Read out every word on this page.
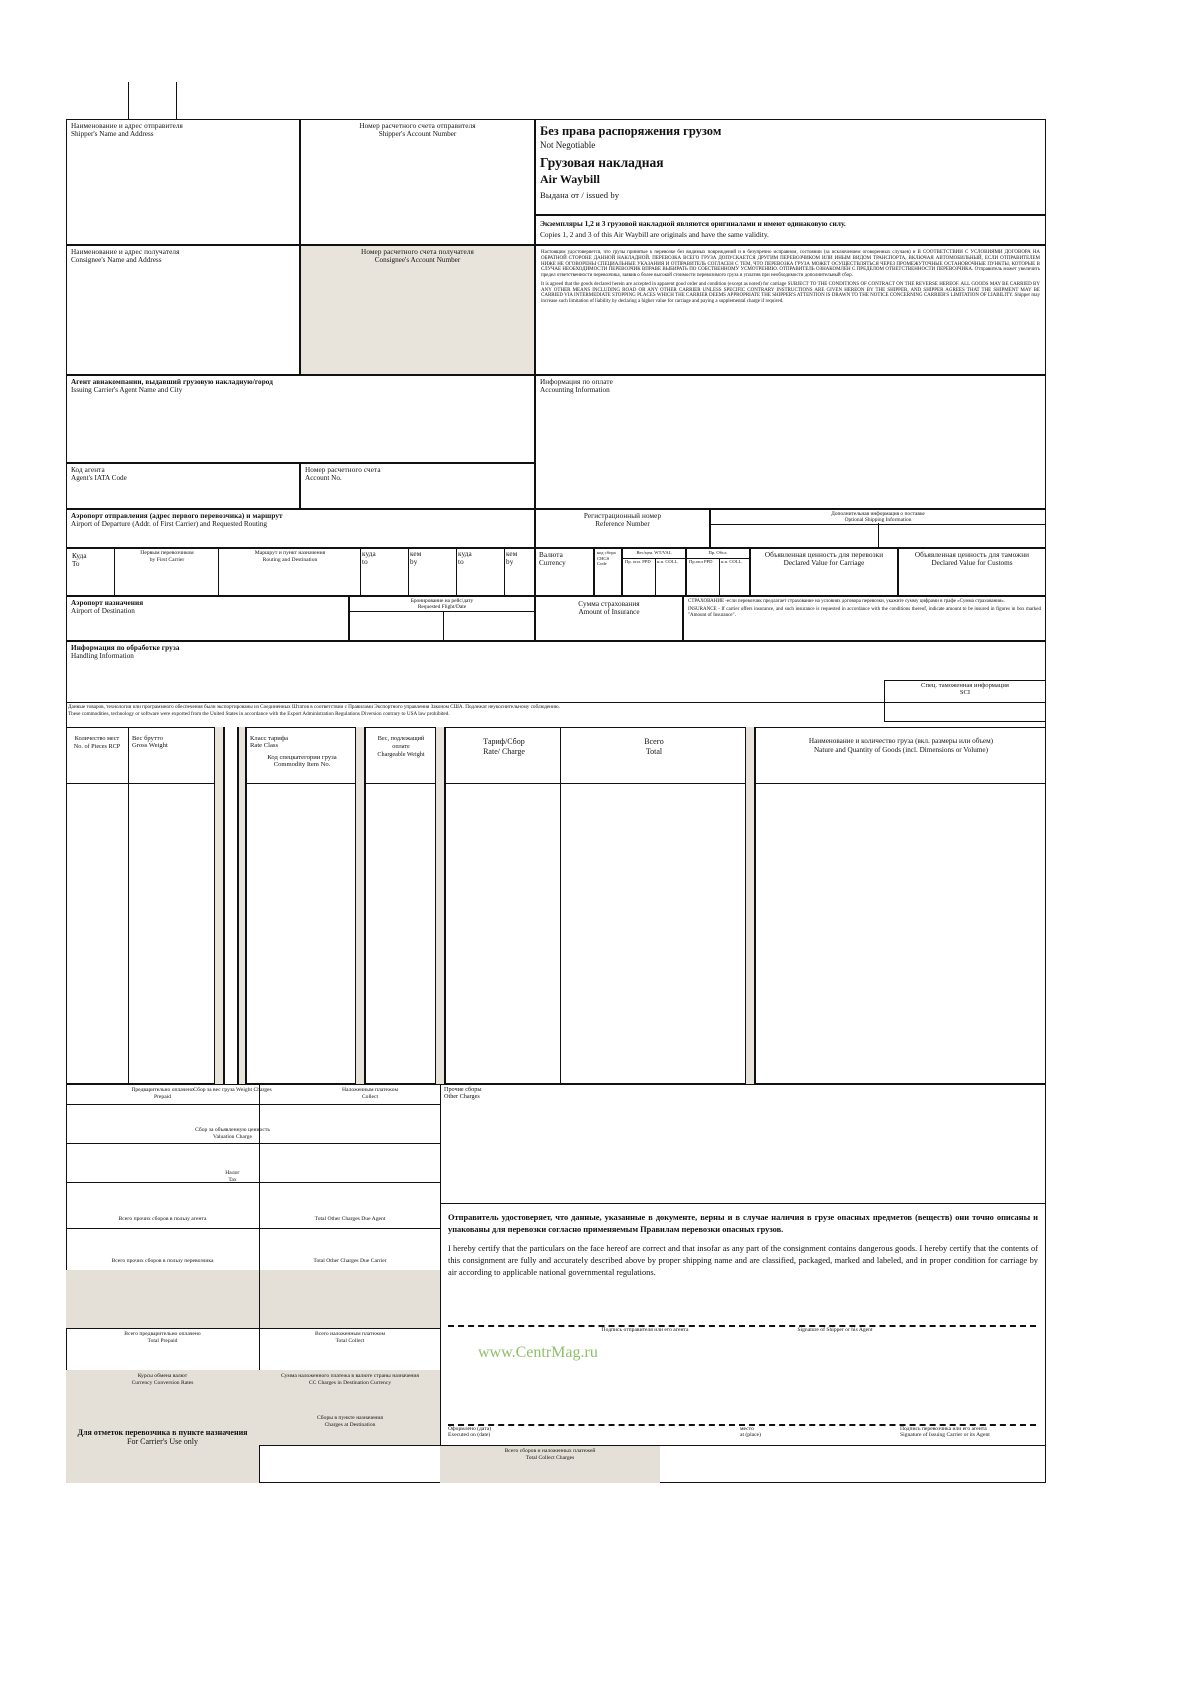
Наименование и адрес отправителя
Shipper's Name and Address
Номер расчетного счета отправителя
Shipper's Account Number	Без права распоряжения грузом
Not Negotiable
Грузовая накладная
Air Waybill
Выдана от / issued by
Экземпляры 1,2 и 3 грузовой накладной являются оригиналами и имеют одинаковую силу.
Copies 1, 2 and 3 of this Air Waybill are originals and have the same validity.
Наименование и адрес получателя
Consignee's Name and Address
Номер расчетного счета получателя
Consignee's Account Number
Настоящим удостоверяется, что грузы принятые к перевозке без видимых повреждений и в безупречно исправном, состоянии (за исключением оговоренных случаев) и В СООТВЕТСТВИИ С УСЛОВИЯМИ ДОГОВОРА НА ОБРАТНОЙ СТОРОНЕ ДАННОЙ НАКЛАДНОЙ. ПЕРЕВОЗКА ВСЕГО ГРУЗА ДОПУСКАЕТСЯ ДРУГИМ ПЕРЕВОЗЧИКОМ ИЛИ ИНЫМ ВИДОМ ТРАНСПОРТА, ВКЛЮЧАЯ АВТОМОБИЛЬНЫЙ, ЕСЛИ ОТПРАВИТЕЛЕМ НИЖЕ НЕ ОГОВОРЕНЫ СПЕЦИАЛЬНЫЕ УКАЗАНИЯ И ОТПРАВИТЕЛЬ СОГЛАСЕН С ТЕМ, ЧТО ПЕРЕВОЗКА ГРУЗА МОЖЕТ ОСУЩЕСТВЛЯТЬСЯ ЧЕРЕЗ ПРОМЕЖУТОЧНЫЕ ОСТАНОВОЧНЫЕ ПУНКТЫ, КОТОРЫЕ В СЛУЧАЕ НЕОБХОДИМОСТИ ПЕРЕВОЗЧИК ВПРАВЕ ВЫБИРАТЬ ПО СОБСТВЕННОМУ УСМОТРЕНИЮ. ОТПРАВИТЕЛЬ ОЗНАКОМЛЕН С ПРЕДЕЛОМ ОТВЕТСТВЕННОСТИ ПЕРЕВОЗЧИКА. Отправитель может увеличить предел ответственности перевозчика, заявив о более высокой стоимости перевозимого груза и уплатив при необходимости дополнительный сбор.
It is agreed that the goods declared herein are accepted in apparent good order and condition (except as noted) for carriage SUBJECT TO THE CONDITIONS OF CONTRACT ON THE REVERSE HEREOF. ALL GOODS MAY BE CARRIED BY ANY OTHER MEANS INCLUDING ROAD OR ANY OTHER CARRIER UNLESS SPECIFIC CONTRARY INSTRUCTIONS ARE GIVEN HEREON BY THE SHIPPER, AND SHIPPER AGREES THAT THE SHIPMENT MAY BE CARRIED VIA INTERMEDIATE STOPPING PLACES WHICH THE CARRIER DEEMS APPROPRIATE THE SHIPPER'S ATTENTION IS DRAWN TO THE NOTICE CONCERNING CARRIER'S LIMITATION OF LIABILITY. Shipper may increase such limitation of liability by declaring a higher value for carriage and paying a supplemental charge if required.
Агент авиакомпании, выдавший грузовую накладную/город
Issuing Carrier's Agent Name and City
Информация по оплате
Accounting Information
Код агента
Agent's IATA Code
Номер расчетного счета
Account No.
Аэропорт отправления (адрес первого перевозчика) и маршрут
Airport of Departure (Addr. of First Carrier) and Requested Routing
Регистрационный номер
Reference Number
Дополнительная информация о поставке
Optional Shipping Information
Куда
To
Первым перевозчиком
by First Carrier
Маршрут и пункт назначения
Routing and Destination
куда
to
кем
by
куда
to
кем
by
Валюта
Currency
код сбора
CHGS Code
Вес/цен. WT/VAL
Пр. опл. PPD н.п. COLL.
Пр. Обсл.
Пр.опл PPD н.п. COLL.
Объявленная ценность для перевозки
Declared Value for Carriage
Объявленная ценность для таможни
Declared Value for Customs
Аэропорт назначения
Airport of Destination
Бронирование на рейс/дату
Requested Flight/Date	Сумма страхования
Amount of Insurance
СТРАХОВАНИЕ -если перевозчик предлагает страхование на условиях договора перевозки, укажите сумму цифрами в графе «Сумма страхования».
INSURANCE - If carrier offers insurance, and such insurance is requested in accordance with the conditions thereof, indicate amount to be insured in figures in box marked "Amount of Insurance".
Информация по обработке груза
Handling Information
Спец. таможенная информация
SCI
Данные товаров, технологии или программного обеспечения были экспортированы из Соединенных Штатов в соответствии с Правилами Экспортного управления Законом США. Подлежат неукоснительному соблюдению.
These commodities, technology or software were exported from the United States in accordance with the Export Administration Regulations Diversion contrary to USA law prohibited.
Количество мест
No. of Pieces RCP
Вес брутто
Gross Weight
Класс тарифа
Rate Class
Код спецкатегории груза
Commodity Item No.
Вес, подлежащий оплате
Chargeable Weight
Тариф/Сбор
Rate/ Charge
Всего
Total
Наименование и количество груза (вкл. размеры или объем)
Nature and Quantity of Goods (incl. Dimensions or Volume)
Предварительно оплачено
Prepaid
Сбор за вес груза Weight Charges	Наложенным платежом
Collect
Прочие сборы
Other Charges
Сбор за объявленную ценность
Valuation Charge
Налог
Tax
Всего прочих сборов в пользу агента	Total Other Charges Due Agent
Всего прочих сборов в пользу перевозчика	Total Other Charges Due Carrier
Всего предварительно оплачено
Total Prepaid
Всего наложенным платежом
Total Collect
Курсы обмена валют
Currency Conversion Rates
Сумма наложенного платежа в валюте страны назначения
CC Charges in Destination Currency
Для отметок перевозчика в пункте назначения
For Carrier's Use only
Сборы в пункте назначения
Charges at Destination
Всего сборов и наложенных платежей
Total Collect Charges
Отправитель удостоверяет, что данные, указанные в документе, верны и в случае наличия в грузе опасных предметов (веществ) они точно описаны и упакованы для перевозки согласно применяемым Правилам перевозки опасных грузов.
I hereby certify that the particulars on the face hereof are correct and that insofar as any part of the consignment contains dangerous goods. I hereby certify that the contents of this consignment are fully and accurately described above by proper shipping name and are classified, packaged, marked and labeled, and in proper condition for carriage by air according to applicable national governmental regulations.
Подпись отправителя или его агента	Signature of Shipper or his Agent
www.CentrMag.ru
Оформлено (дата)
Executed on (date)
место
at (place)
Подпись перевозчика или его агента
Signature of Issuing Carrier or its Agent
